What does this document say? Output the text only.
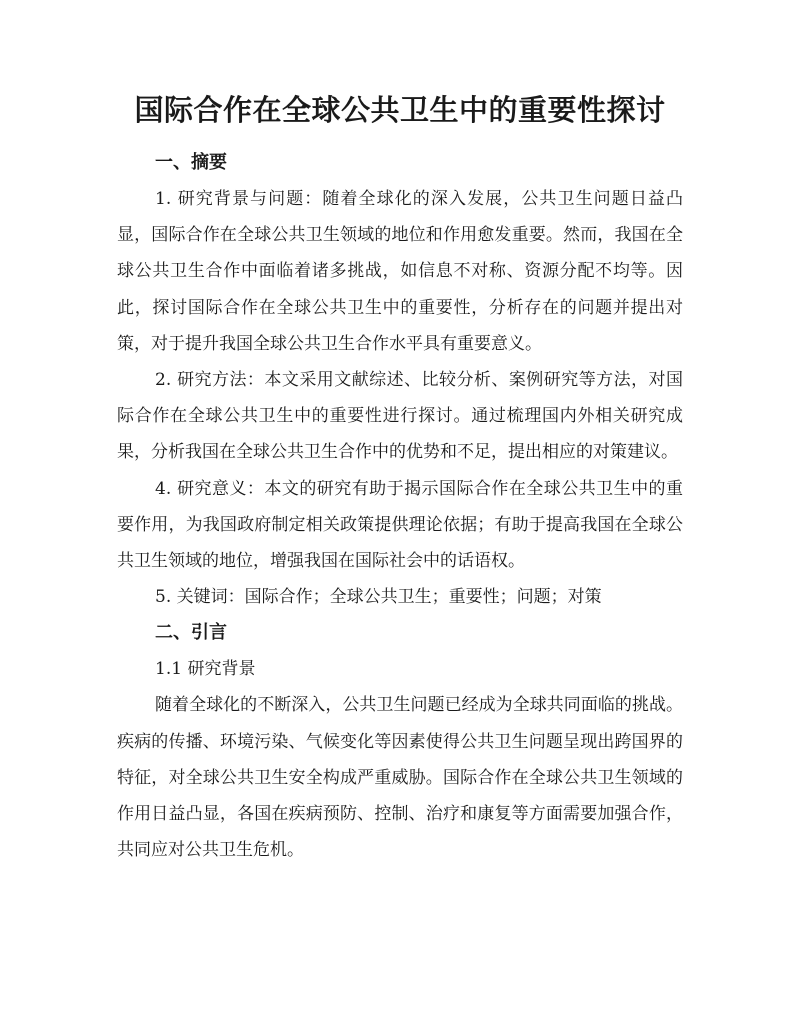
国际合作在全球公共卫生中的重要性探讨
一、摘要

1. 研究背景与问题：随着全球化的深入发展，公共卫生问题日益凸显，国际合作在全球公共卫生领域的地位和作用愈发重要。然而，我国在全球公共卫生合作中面临着诸多挑战，如信息不对称、资源分配不均等。因此，探讨国际合作在全球公共卫生中的重要性，分析存在的问题并提出对策，对于提升我国全球公共卫生合作水平具有重要意义。

2. 研究方法：本文采用文献综述、比较分析、案例研究等方法，对国际合作在全球公共卫生中的重要性进行探讨。通过梳理国内外相关研究成果，分析我国在全球公共卫生合作中的优势和不足，提出相应的对策建议。

4. 研究意义：本文的研究有助于揭示国际合作在全球公共卫生中的重要作用，为我国政府制定相关政策提供理论依据；有助于提高我国在全球公共卫生领域的地位，增强我国在国际社会中的话语权。

5. 关键词：国际合作；全球公共卫生；重要性；问题；对策

二、引言

1.1 研究背景

随着全球化的不断深入，公共卫生问题已经成为全球共同面临的挑战。疾病的传播、环境污染、气候变化等因素使得公共卫生问题呈现出跨国界的特征，对全球公共卫生安全构成严重威胁。国际合作在全球公共卫生领域的作用日益凸显，各国在疾病预防、控制、治疗和康复等方面需要加强合作，共同应对公共卫生危机。
